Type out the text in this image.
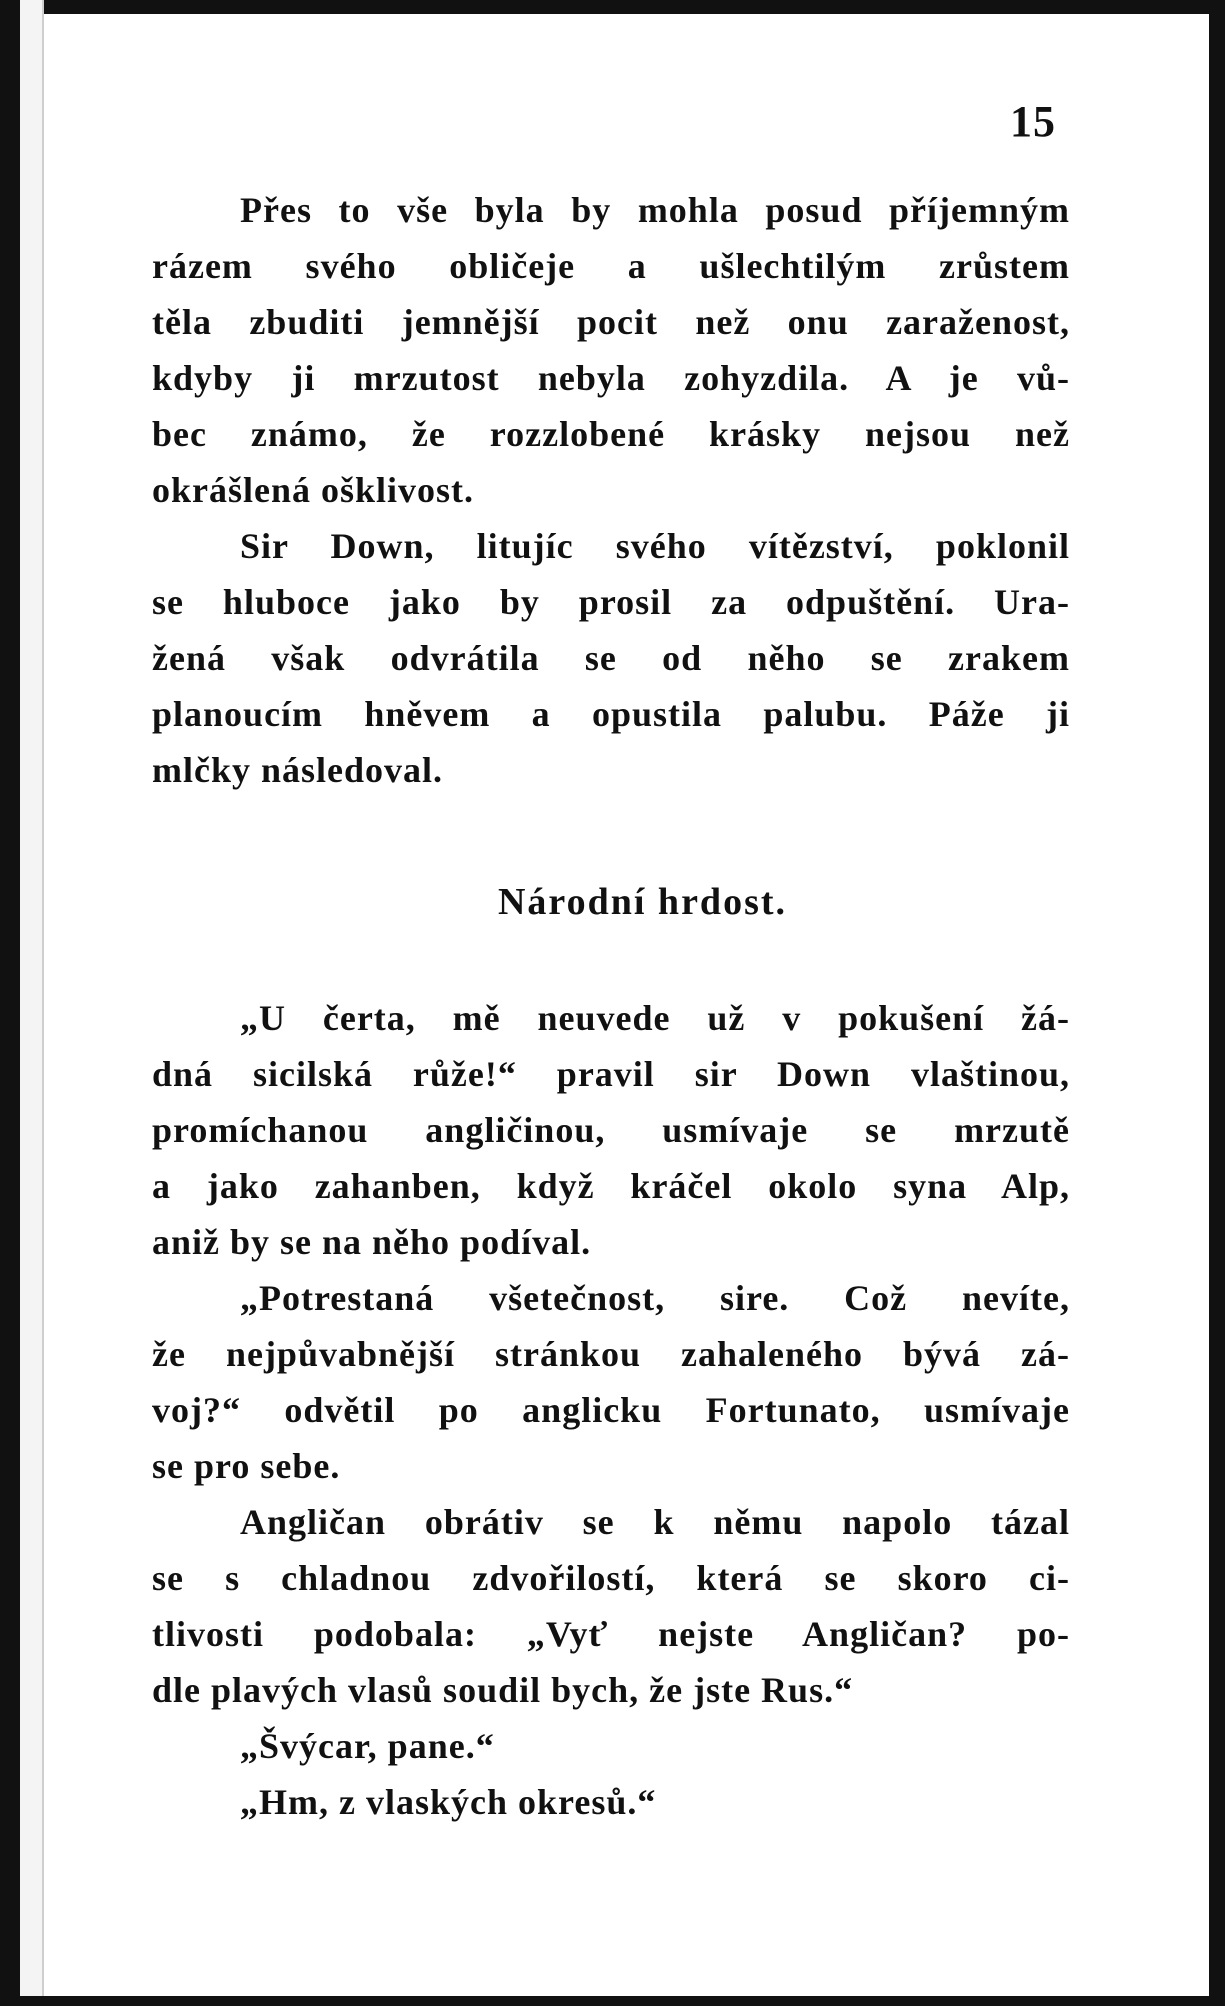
15
Přes to vše byla by mohla posud příjemným
rázem svého obličeje a ušlechtilým zrůstem
těla zbuditi jemnější pocit než onu zaraženost,
kdyby ji mrzutost nebyla zohyzdila. A je vů-
bec známo, že rozzlobené krásky nejsou než
okrášlená ošklivost.
Sir Down, litujíc svého vítězství, poklonil
se hluboce jako by prosil za odpuštění. Ura-
žená však odvrátila se od něho se zrakem
planoucím hněvem a opustila palubu. Páže ji
mlčky následoval.
Národní hrdost.
„U čerta, mě neuvede už v pokušení žá-
dná sicilská růže!“ pravil sir Down vlaštinou,
promíchanou angličinou, usmívaje se mrzutě
a jako zahanben, když kráčel okolo syna Alp,
aniž by se na něho podíval.
„Potrestaná všetečnost, sire. Což nevíte,
že nejpůvabnější stránkou zahaleného bývá zá-
voj?“ odvětil po anglicku Fortunato, usmívaje
se pro sebe.
Angličan obrátiv se k němu napolo tázal
se s chladnou zdvořilostí, která se skoro ci-
tlivosti podobala: „Vyť nejste Angličan? po-
dle plavých vlasů soudil bych, že jste Rus.“
„Švýcar, pane.“
„Hm, z vlaských okresů.“
